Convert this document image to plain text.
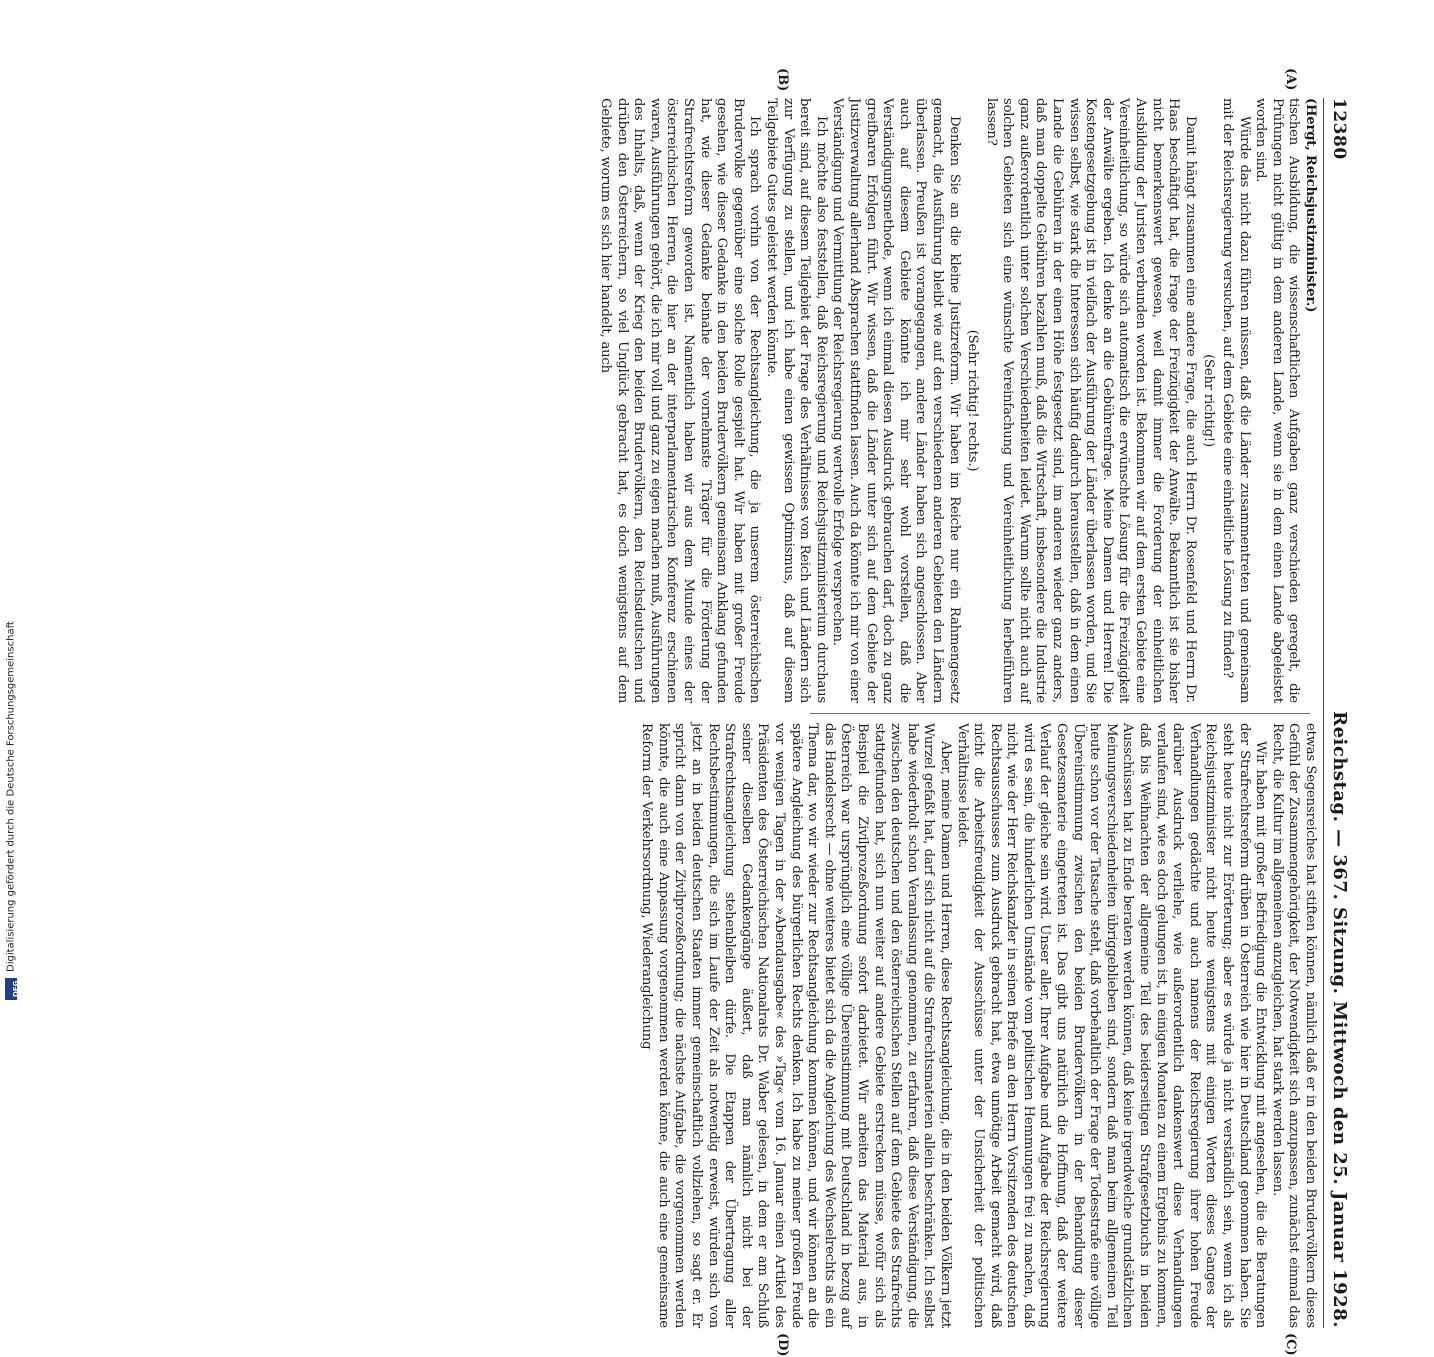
DFG
Digitalisierung gefördert durch die Deutsche Forschungsgemeinschaft
12380
Reichstag. — 367. Sitzung. Mittwoch den 25. Januar 1928.
(A)
(B)
(C)
(D)

(Hergt, Reichsjustizminister.)

tischen Ausbildung, die wissenschaftlichen Aufgaben ganz verschieden geregelt, die Prüfungen nicht gültig in dem anderen Lande, wenn sie in dem einen Lande abgeleistet worden sind.

Würde das nicht dazu führen müssen, daß die Länder zusammentreten und gemeinsam mit der Reichsregierung versuchen, auf dem Gebiete eine einheitliche Lösung zu finden?

(Sehr richtig!)

Damit hängt zusammen eine andere Frage, die auch Herrn Dr. Rosenfeld und Herrn Dr. Haas beschäftigt hat, die Frage der Freizügigkeit der Anwälte. Bekanntlich ist sie bisher nicht bemerkenswert gewesen, weil damit immer die Forderung der einheitlichen Ausbildung der Juristen verbunden worden ist. Bekommen wir auf dem ersten Gebiete eine Vereinheitlichung, so würde sich automatisch die erwünschte Lösung für die Freizügigkeit der Anwälte ergeben. Ich denke an die Gebührenfrage. Meine Damen und Herren! Die Kostengesetzgebung ist in vielfach der Ausführung der Länder überlassen worden, und Sie wissen selbst, wie stark die Interessen sich häufig dadurch herausstellen, daß in dem einen Lande die Gebühren in der einen Höhe festgesetzt sind, im anderen wieder ganz anders, daß man doppelte Gebühren bezahlen muß, daß die Wirtschaft, insbesondere die Industrie ganz außerordentlich unter solchen Verschiedenheiten leidet. Warum sollte nicht auch auf solchen Gebieten sich eine wünschte Vereinfachung und Vereinheitlichung herbeiführen lassen?

(Sehr richtig! rechts.)

Denken Sie an die kleine Justizreform. Wir haben im Reiche nur ein Rahmengesetz gemacht, die Ausführung bleibt wie auf den verschiedenen anderen Gebieten den Ländern überlassen. Preußen ist vorangegangen, andere Länder haben sich angeschlossen. Aber auch auf diesem Gebiete könnte ich mir sehr wohl vorstellen, daß die Verständigungsmethode, wenn ich einmal diesen Ausdruck gebrauchen darf, doch zu ganz greifbaren Erfolgen führt. Wir wissen, daß die Länder unter sich auf dem Gebiete der Justizverwaltung allerhand Absprachen stattfinden lassen. Auch da könnte ich mir von einer Verständigung und Vermittlung der Reichsregierung wertvolle Erfolge versprechen.

Ich möchte also feststellen, daß Reichsregierung und Reichsjustizministerium durchaus bereit sind, auf diesem Teilgebiet der Frage des Verhältnisses von Reich und Ländern sich zur Verfügung zu stellen, und ich habe einen gewissen Optimismus, daß auf diesem Teilgebiete Gutes geleistet werden könnte.

Ich sprach vorhin von der Rechtsangleichung, die ja unserem österreichischen Brudervolke gegenüber eine solche Rolle gespielt hat. Wir haben mit großer Freude gesehen, wie dieser Gedanke in den beiden Brudervölkern gemeinsam Anklang gefunden hat, wie dieser Gedanke beinahe der vornehmste Träger für die Förderung der Strafrechtsreform geworden ist. Namentlich haben wir aus dem Munde eines der österreichischen Herren, die hier an der interparlamentarischen Konferenz erschienen waren, Ausführungen gehört, die ich mir voll und ganz zu eigen machen muß, Ausführungen des Inhalts, daß, wenn der Krieg den beiden Brudervölkern, den Reichsdeutschen und drüben den Österreichern, so viel Unglück gebracht hat, es doch wenigstens auf dem Gebiete, worum es sich hier handelt, auch

etwas Segensreiches hat stiften können, nämlich daß er in den beiden Brudervölkern dieses Gefühl der Zusammengehörigkeit, der Notwendigkeit sich anzupassen, zunächst einmal das Recht, die Kultur im allgemeinen anzugleichen, hat stark werden lassen.

Wir haben mit großer Befriedigung die Entwicklung mit angesehen, die die Beratungen der Strafrechtsreform drüben in Österreich wie hier in Deutschland genommen haben. Sie steht heute nicht zur Erörterung; aber es würde ja nicht verständlich sein, wenn ich als Reichsjustizminister nicht heute wenigstens mit einigen Worten dieses Ganges der Verhandlungen gedächte und auch namens der Reichsregierung ihrer hohen Freude darüber Ausdruck verliehe, wie außerordentlich dankenswert diese Verhandlungen verlaufen sind, wie es doch gelungen ist, in einigen Monaten zu einem Ergebnis zu kommen, daß bis Weihnachten der allgemeine Teil des beiderseitigen Strafgesetzbuchs in beiden Ausschüssen hat zu Ende beraten werden können, daß keine irgendwelche grundsätzlichen Meinungsverschiedenheiten übriggeblieben sind, sondern daß man beim allgemeinen Teil heute schon vor der Tatsache steht, daß vorbehaltlich der Frage der Todesstrafe eine völlige Übereinstimmung zwischen den beiden Brudervölkern in der Behandlung dieser Gesetzesmaterie eingetreten ist. Das gibt uns natürlich die Hoffnung, daß der weitere Verlauf der gleiche sein wird. Unser aller, Ihrer Aufgabe und Aufgabe der Reichsregierung wird es sein, die hinderlichen Umstände vom politischen Hemmungen frei zu machen, daß nicht, wie der Herr Reichskanzler in seinen Briefe an den Herrn Vorsitzenden des deutschen Rechtsausschusses zum Ausdruck gebracht hat, etwa unnötige Arbeit gemacht wird, daß nicht die Arbeitsfreudigkeit der Ausschüsse unter der Unsicherheit der politischen Verhältnisse leidet.

Aber, meine Damen und Herren, diese Rechtsangleichung, die in den beiden Völkern jetzt Wurzel gefaßt hat, darf sich nicht auf die Strafrechtsmaterien allein beschränken. Ich selbst habe wiederholt schon Veranlassung genommen, zu erfahren, daß diese Verständigung, die zwischen den deutschen und den österreichischen Stellen auf dem Gebiete des Strafrechts stattgefunden hat, sich nun weiter auf andere Gebiete erstrecken müsse, wofür sich als Beispiel die Zivilprozeßordnung sofort darbietet. Wir arbeiten das Material aus, in Österreich war ursprünglich eine völlige Übereinstimmung mit Deutschland in bezug auf das Handelsrecht — ohne weiteres bietet sich da die Angleichung des Wechselrechts als ein Thema dar, wo wir wieder zur Rechtsangleichung kommen können, und wir können an die spätere Angleichung des bürgerlichen Rechts denken. Ich habe zu meiner großen Freude vor wenigen Tagen in der »Abendausgabe« des »Tag« vom 16. Januar einen Artikel des Präsidenten des Österreichischen Nationalrats Dr. Waber gelesen, in dem er am Schluß seiner dieselben Gedankengänge äußert, daß man nämlich nicht bei der Strafrechtsangleichung stehenbleiben dürfe. Die Etappen der Übertragung aller Rechtsbestimmungen, die sich im Laufe der Zeit als notwendig erweist, würden sich von jetzt an in beiden deutschen Staaten immer gemeinschaftlich vollziehen, so sagt er. Er spricht dann von der Zivilprozeßordnung; die nächste Aufgabe, die vorgenommen werden könnte, die auch eine Anpassung vorgenommen werden könne, die auch eine gemeinsame Reform der Verkehrsordnung, Wiederangleichung
